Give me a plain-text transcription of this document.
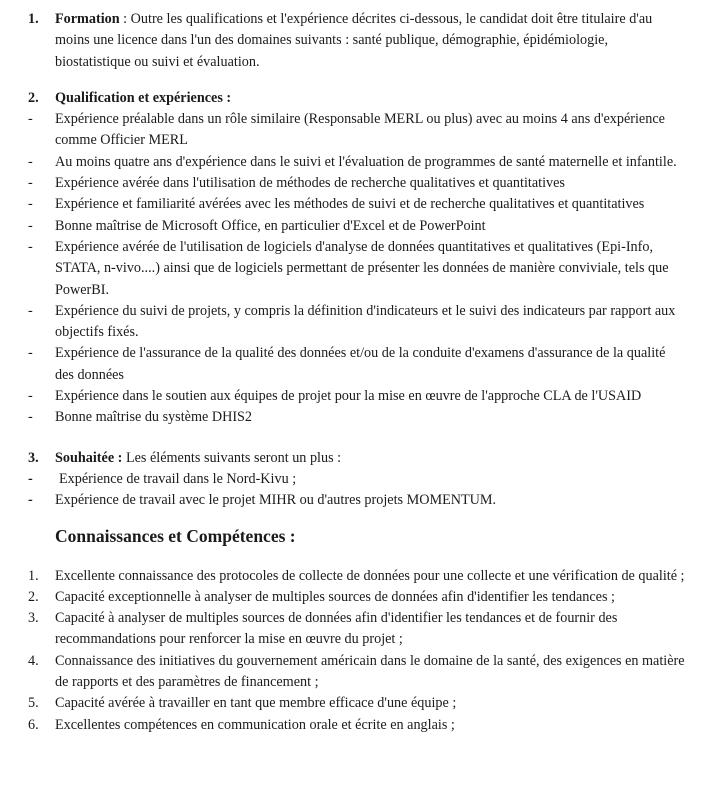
1.	Formation : Outre les qualifications et l'expérience décrites ci-dessous, le candidat doit être titulaire d'au moins une licence dans l'un des domaines suivants : santé publique, démographie, épidémiologie, biostatistique ou suivi et évaluation.
2.	Qualification et expériences :
-	Expérience préalable dans un rôle similaire (Responsable MERL ou plus) avec au moins 4 ans d'expérience comme Officier MERL
-	Au moins quatre ans d'expérience dans le suivi et l'évaluation de programmes de santé maternelle et infantile.
-	Expérience avérée dans l'utilisation de méthodes de recherche qualitatives et quantitatives
-	Expérience et familiarité avérées avec les méthodes de suivi et de recherche qualitatives et quantitatives
-	Bonne maîtrise de Microsoft Office, en particulier d'Excel et de PowerPoint
-	Expérience avérée de l'utilisation de logiciels d'analyse de données quantitatives et qualitatives (Epi-Info, STATA, n-vivo....) ainsi que de logiciels permettant de présenter les données de manière conviviale, tels que PowerBI.
-	Expérience du suivi de projets, y compris la définition d'indicateurs et le suivi des indicateurs par rapport aux objectifs fixés.
-	Expérience de l'assurance de la qualité des données et/ou de la conduite d'examens d'assurance de la qualité des données
-	Expérience dans le soutien aux équipes de projet pour la mise en œuvre de l'approche CLA de l'USAID
-	Bonne maîtrise du système DHIS2
3.	Souhaitée : Les éléments suivants seront un plus :
-	Expérience de travail dans le Nord-Kivu ;
-	Expérience de travail avec le projet MIHR ou d'autres projets MOMENTUM.
Connaissances et Compétences :
1.	Excellente connaissance des protocoles de collecte de données pour une collecte et une vérification de qualité ;
2.	Capacité exceptionnelle à analyser de multiples sources de données afin d'identifier les tendances ;
3.	Capacité à analyser de multiples sources de données afin d'identifier les tendances et de fournir des recommandations pour renforcer la mise en œuvre du projet ;
4.	Connaissance des initiatives du gouvernement américain dans le domaine de la santé, des exigences en matière de rapports et des paramètres de financement ;
5.	Capacité avérée à travailler en tant que membre efficace d'une équipe ;
6.	Excellentes compétences en communication orale et écrite en anglais ;
